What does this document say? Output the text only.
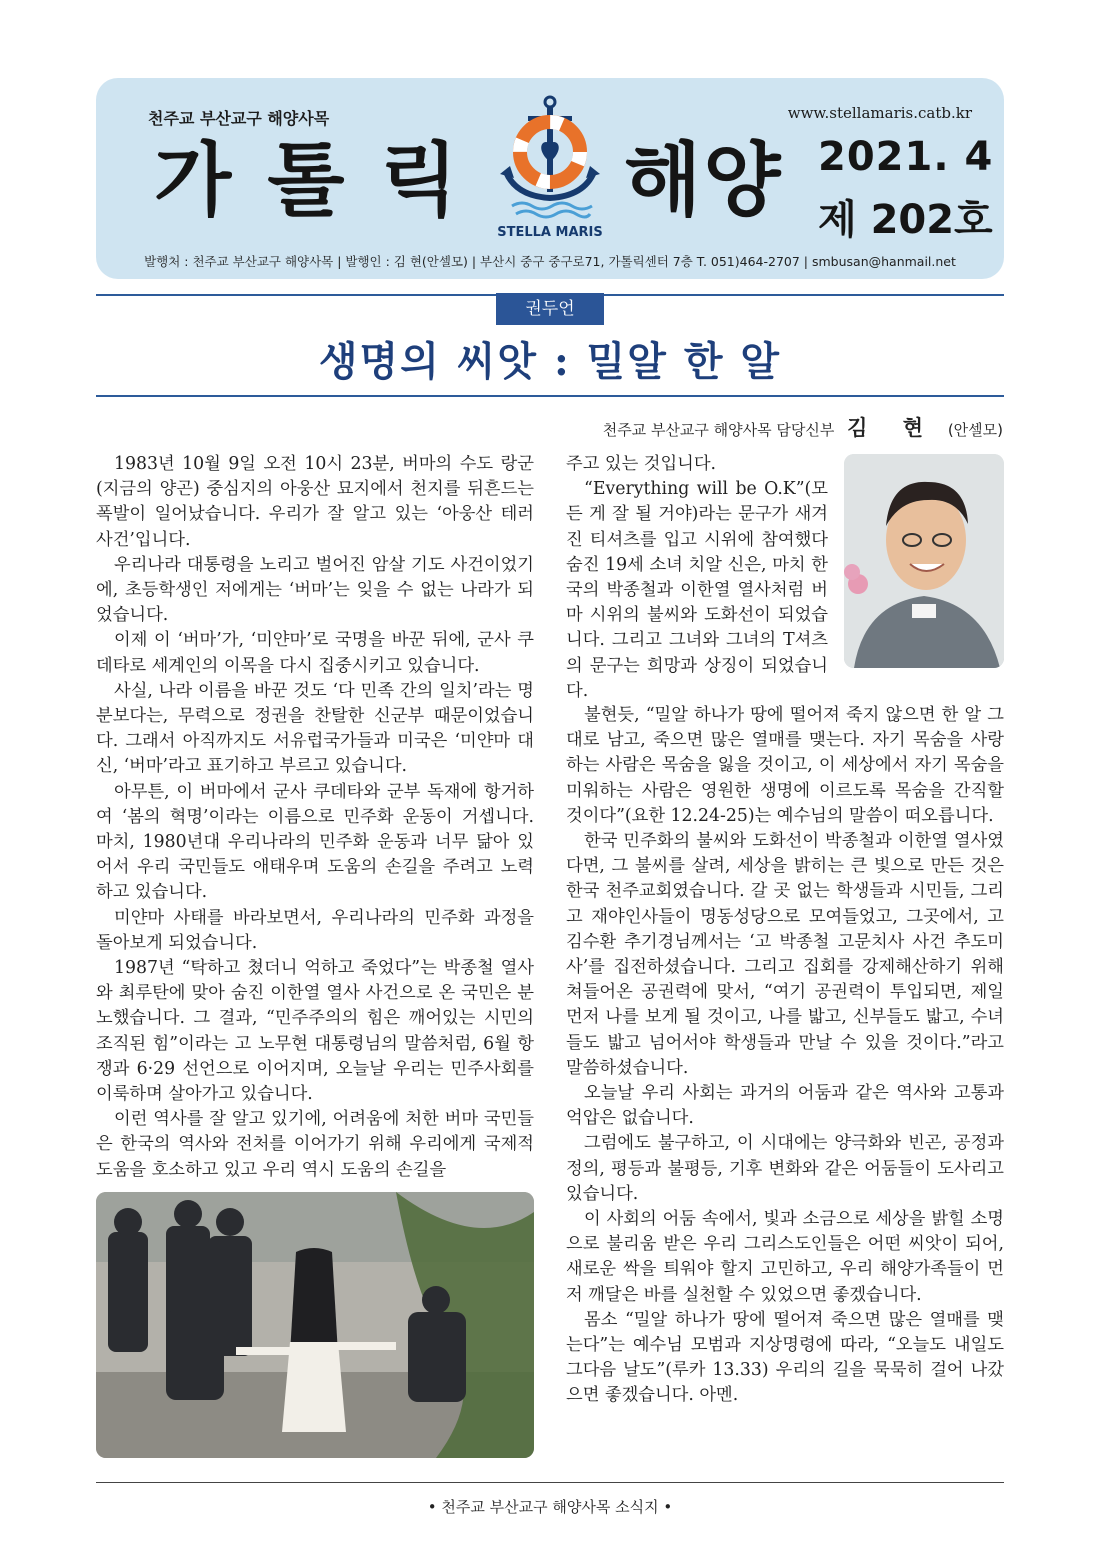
천주교 부산교구 해양사목
가톨릭
STELLA MARIS
해양
www.stellamaris.catb.kr
2021. 4
제 202호
발행처 : 천주교 부산교구 해양사목 | 발행인 : 김 현(안셀모) | 부산시 중구 중구로71, 가톨릭센터 7층 T. 051)464-2707 | smbusan@hanmail.net
권두언
생명의 씨앗 : 밀알 한 알
천주교 부산교구 해양사목 담당신부 김 현 (안셀모)

1983년 10월 9일 오전 10시 23분, 버마의 수도 랑군(지금의 양곤) 중심지의 아웅산 묘지에서 천지를 뒤흔드는 폭발이 일어났습니다. 우리가 잘 알고 있는 ‘아웅산 테러 사건’입니다.

우리나라 대통령을 노리고 벌어진 암살 기도 사건이었기에, 초등학생인 저에게는 ‘버마’는 잊을 수 없는 나라가 되었습니다.

이제 이 ‘버마’가, ‘미얀마’로 국명을 바꾼 뒤에, 군사 쿠데타로 세계인의 이목을 다시 집중시키고 있습니다.

사실, 나라 이름을 바꾼 것도 ‘다 민족 간의 일치’라는 명분보다는, 무력으로 정권을 찬탈한 신군부 때문이었습니다. 그래서 아직까지도 서유럽국가들과 미국은 ‘미얀마 대신, ‘버마’라고 표기하고 부르고 있습니다.

아무튼, 이 버마에서 군사 쿠데타와 군부 독재에 항거하여 ‘봄의 혁명’이라는 이름으로 민주화 운동이 거셉니다. 마치, 1980년대 우리나라의 민주화 운동과 너무 닮아 있어서 우리 국민들도 애태우며 도움의 손길을 주려고 노력하고 있습니다.

미얀마 사태를 바라보면서, 우리나라의 민주화 과정을 돌아보게 되었습니다.

1987년 “탁하고 쳤더니 억하고 죽었다”는 박종철 열사와 최루탄에 맞아 숨진 이한열 열사 사건으로 온 국민은 분노했습니다. 그 결과, “민주주의의 힘은 깨어있는 시민의 조직된 힘”이라는 고 노무현 대통령님의 말씀처럼, 6월 항쟁과 6·29 선언으로 이어지며, 오늘날 우리는 민주사회를 이룩하며 살아가고 있습니다.

이런 역사를 잘 알고 있기에, 어려움에 처한 버마 국민들은 한국의 역사와 전처를 이어가기 위해 우리에게 국제적 도움을 호소하고 있고 우리 역시 도움의 손길을

주고 있는 것입니다.

“Everything will be O.K”(모든 게 잘 될 거야)라는 문구가 새겨진 티셔츠를 입고 시위에 참여했다 숨진 19세 소녀 치알 신은, 마치 한국의 박종철과 이한열 열사처럼 버마 시위의 불씨와 도화선이 되었습니다. 그리고 그녀와 그녀의 T셔츠의 문구는 희망과 상징이 되었습니다.

불현듯, “밀알 하나가 땅에 떨어져 죽지 않으면 한 알 그대로 남고, 죽으면 많은 열매를 맺는다. 자기 목숨을 사랑하는 사람은 목숨을 잃을 것이고, 이 세상에서 자기 목숨을 미워하는 사람은 영원한 생명에 이르도록 목숨을 간직할 것이다”(요한 12.24-25)는 예수님의 말씀이 떠오릅니다.

한국 민주화의 불씨와 도화선이 박종철과 이한열 열사였다면, 그 불씨를 살려, 세상을 밝히는 큰 빛으로 만든 것은 한국 천주교회였습니다. 갈 곳 없는 학생들과 시민들, 그리고 재야인사들이 명동성당으로 모여들었고, 그곳에서, 고 김수환 추기경님께서는 ‘고 박종철 고문치사 사건 추도미사’를 집전하셨습니다. 그리고 집회를 강제해산하기 위해 쳐들어온 공권력에 맞서, “여기 공권력이 투입되면, 제일 먼저 나를 보게 될 것이고, 나를 밟고, 신부들도 밟고, 수녀들도 밟고 넘어서야 학생들과 만날 수 있을 것이다.”라고 말씀하셨습니다.

오늘날 우리 사회는 과거의 어둠과 같은 역사와 고통과 억압은 없습니다.

그럼에도 불구하고, 이 시대에는 양극화와 빈곤, 공정과 정의, 평등과 불평등, 기후 변화와 같은 어둠들이 도사리고 있습니다.

이 사회의 어둠 속에서, 빛과 소금으로 세상을 밝힐 소명으로 불리움 받은 우리 그리스도인들은 어떤 씨앗이 되어, 새로운 싹을 틔워야 할지 고민하고, 우리 해양가족들이 먼저 깨달은 바를 실천할 수 있었으면 좋겠습니다.

몸소 “밀알 하나가 땅에 떨어져 죽으면 많은 열매를 맺는다”는 예수님 모범과 지상명령에 따라, “오늘도 내일도 그다음 날도”(루카 13.33) 우리의 길을 묵묵히 걸어 나갔으면 좋겠습니다. 아멘.

• 천주교 부산교구 해양사목 소식지 •
